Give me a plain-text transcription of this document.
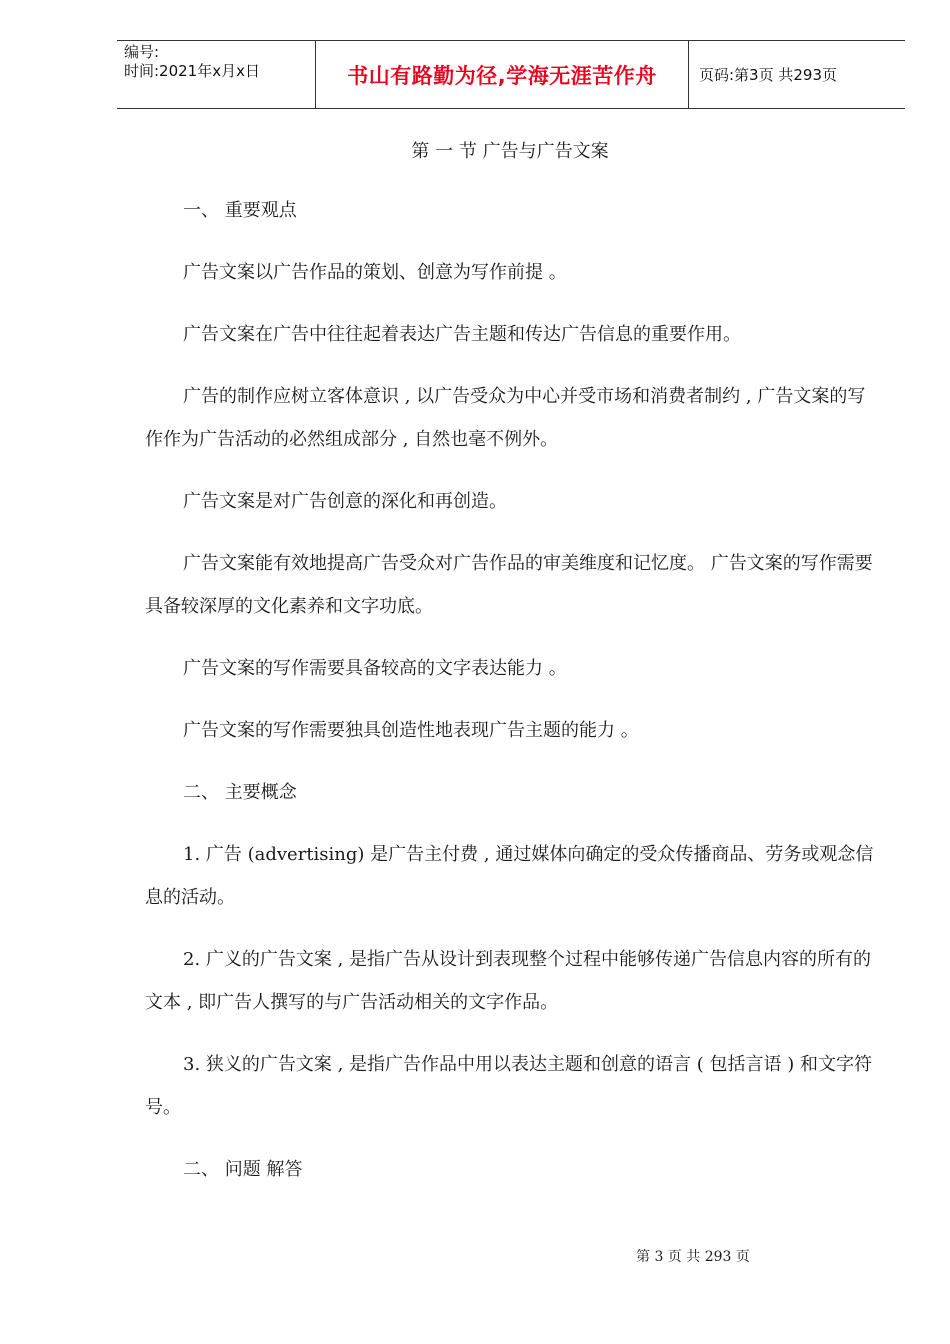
编号:
时间:2021年x月x日	书山有路勤为径,学海无涯苦作舟	页码:第3页 共293页
第 一 节 广告与广告文案
一、 重要观点
广告文案以广告作品的策划、创意为写作前提 。
广告文案在广告中往往起着表达广告主题和传达广告信息的重要作用。
广告的制作应树立客体意识 , 以广告受众为中心并受市场和消费者制约 , 广告文案的写作作为广告活动的必然组成部分 , 自然也毫不例外。
广告文案是对广告创意的深化和再创造。
广告文案能有效地提高广告受众对广告作品的审美维度和记忆度。 广告文案的写作需要具备较深厚的文化素养和文字功底。
广告文案的写作需要具备较高的文字表达能力 。
广告文案的写作需要独具创造性地表现广告主题的能力 。
二、 主要概念
1. 广告 (advertising) 是广告主付费 , 通过媒体向确定的受众传播商品、劳务或观念信息的活动。
2. 广义的广告文案 , 是指广告从设计到表现整个过程中能够传递广告信息内容的所有的文本 , 即广告人撰写的与广告活动相关的文字作品。
3. 狭义的广告文案 , 是指广告作品中用以表达主题和创意的语言 ( 包括言语 ) 和文字符号。
二、 问题 解答
第 3 页 共 293 页
